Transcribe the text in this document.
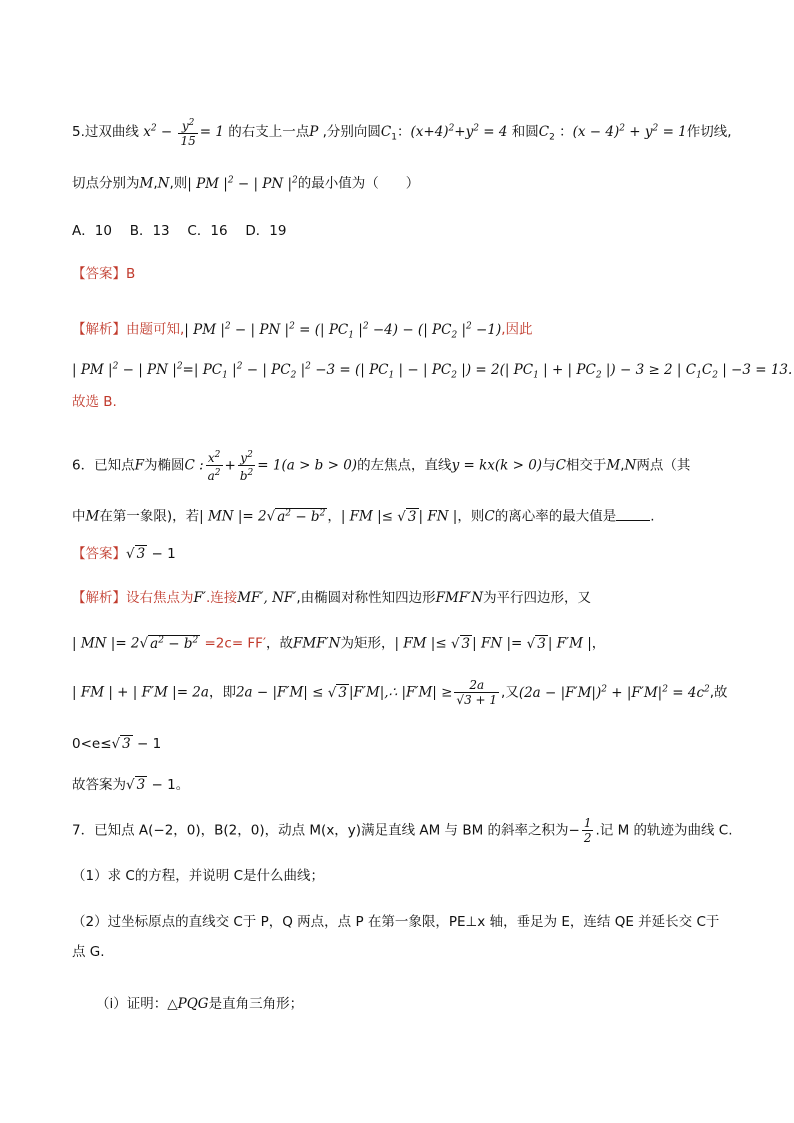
5.过双曲线 $x^2 - \frac{y^2}{15} = 1$ 的右支上一点P ,分别向圆$C_1$：$(x+4)^2+y^2 = 4$ 和圆$C_2$ ：$(x - 4)^2 + y^2 = 1$作切线,
切点分别为M,N,则| PM $|^2$ − | PN $|^2$的最小值为（　　）
A．10　 B．13　 C．16　 D．19
【答案】B
【解析】由题可知,| PM $|^2$ − | PN $|^2$ = (| $PC_1$ $|^2 -4$) − (| $PC_2$ $|^2 -1$),因此
| PM $|^2$ − | PN $|^2=|$ $PC_1$ $|^2$ − | $PC_2$ $|^2 -3$ = (| $PC_1$ | − | $PC_2$ |) = 2(| $PC_1$ | + | $PC_2$ |) − 3 ≥ 2 | $C_1C_2$ | −3 = 13.
故选 B.
6．已知点F为椭圆C : $\frac{x^2}{a^2} + \frac{y^2}{b^2} = 1(a > b > 0)$的左焦点，直线y = kx(k > 0)与C相交于M,N两点（其
中M在第一象限)，若| MN |= 2√ $a^2 - b^2$ ，| FM |≤ √ 3 | FN |，则C的离心率的最大值是	.
【答案】√ 3 − 1
【解析】设右焦点为F′.连接MF′, NF′,由椭圆对称性知四边形FMF′N为平行四边形，又
| MN |= 2√ $a^2 - b^2 =2c= FF'$，故FMF′N为矩形，| FM |≤ √ 3 | FN |= √ 3 | F′M |，
| FM | + | F′M |= 2a，即2a − |F′M| ≤ √ 3 |F′M|,∴ $|F'M| \ge \frac{2a}{√3 + 1}$ ,又$(2a - |F'M|)^2 + |F'M|^2 = 4c^2$,故
0<e≤√ 3 − 1
故答案为√ 3 − 1。
7．已知点 A(−2，0)，B(2，0)，动点 M(x，y)满足直线 AM 与 BM 的斜率之积为− $\frac{1}{2}$ .记 M 的轨迹为曲线 C.
（1）求 C的方程，并说明 C是什么曲线；
（2）过坐标原点的直线交 C于 P，Q 两点，点 P 在第一象限，PE⊥x 轴，垂足为 E，连结 QE 并延长交 C于
点 G.
（i）证明：△PQG是直角三角形；
